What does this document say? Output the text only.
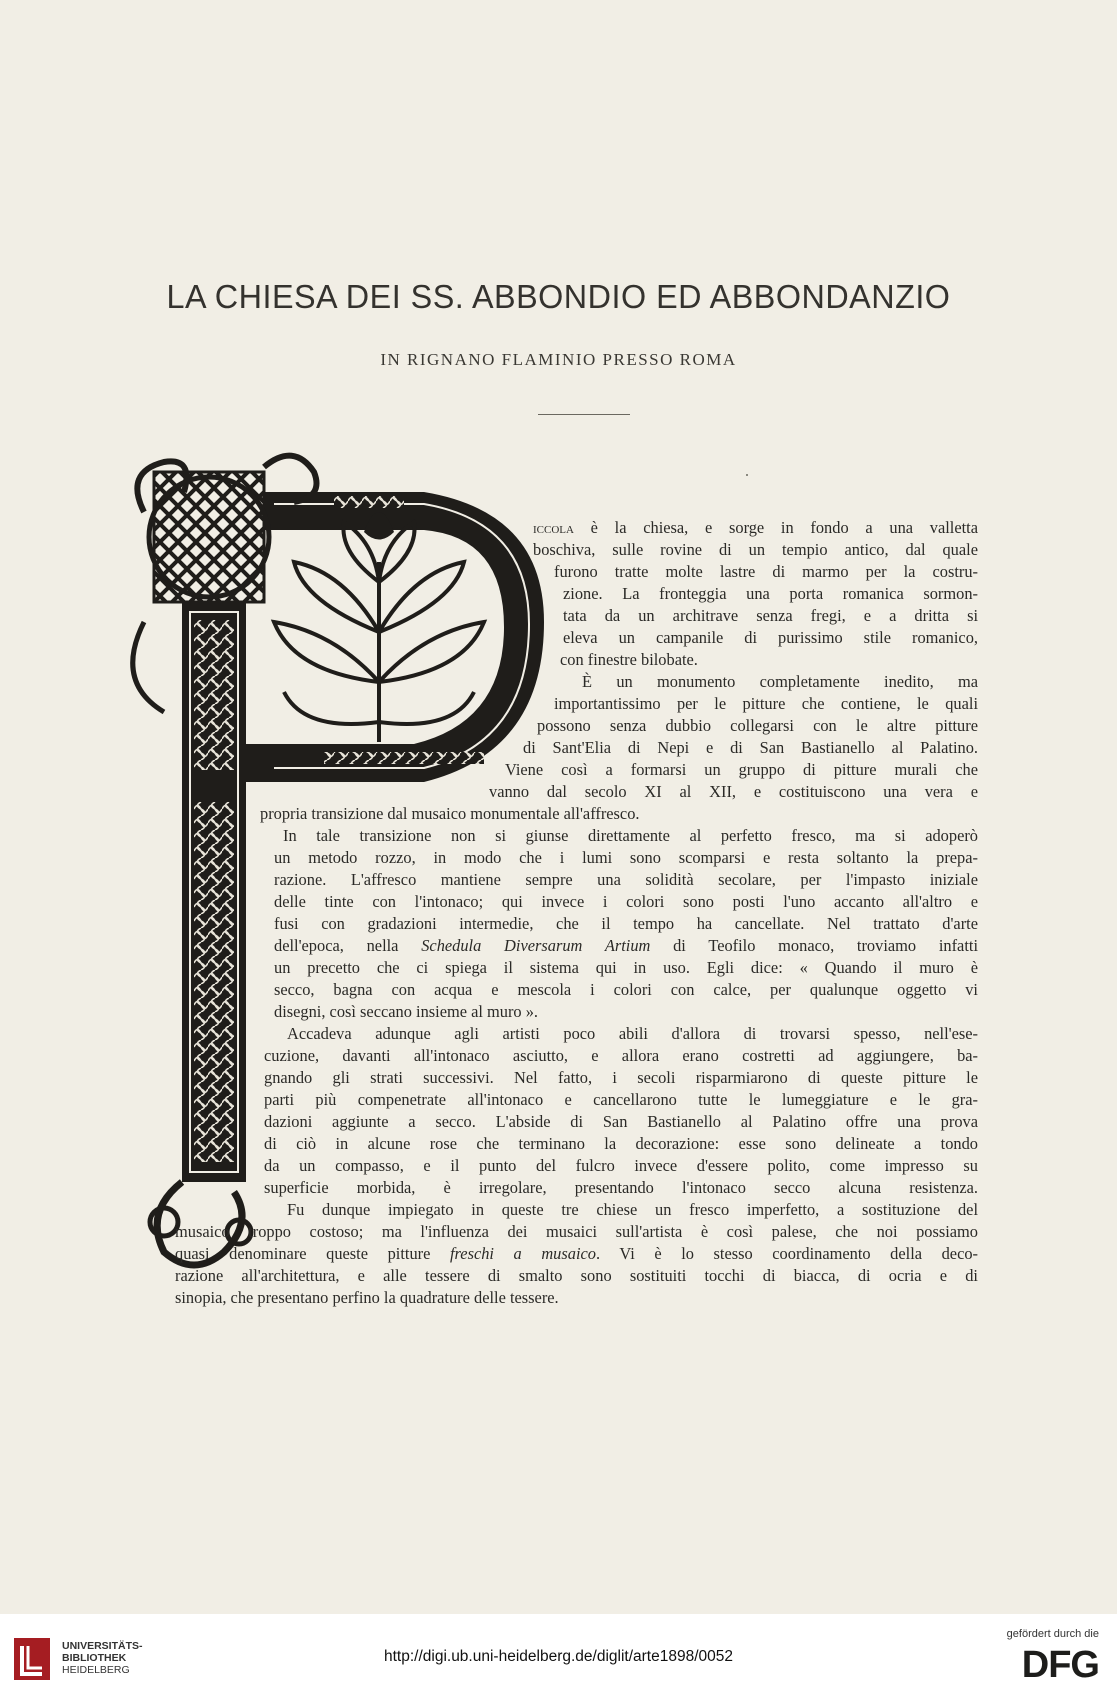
LA CHIESA DEI SS. ABBONDIO ED ABBONDANZIO
IN RIGNANO FLAMINIO PRESSO ROMA
iccola è la chiesa, e sorge in fondo a una valletta
boschiva, sulle rovine di un tempio antico, dal quale
furono tratte molte lastre di marmo per la costru-
zione. La fronteggia una porta romanica sormon-
tata da un architrave senza fregi, e a dritta si
eleva un campanile di purissimo stile romanico,
con finestre bilobate.
È un monumento completamente inedito, ma
importantissimo per le pitture che contiene, le quali
possono senza dubbio collegarsi con le altre pitture
di Sant'Elia di Nepi e di San Bastianello al Palatino.
Viene così a formarsi un gruppo di pitture murali che
vanno dal secolo XI al XII, e costituiscono una vera e
propria transizione dal musaico monumentale all'affresco.
In tale transizione non si giunse direttamente al perfetto fresco, ma si adoperò
un metodo rozzo, in modo che i lumi sono scomparsi e resta soltanto la prepa-
razione. L'affresco mantiene sempre una solidità secolare, per l'impasto iniziale
delle tinte con l'intonaco; qui invece i colori sono posti l'uno accanto all'altro e
fusi con gradazioni intermedie, che il tempo ha cancellate. Nel trattato d'arte
dell'epoca, nella Schedula Diversarum Artium di Teofilo monaco, troviamo infatti
un precetto che ci spiega il sistema qui in uso. Egli dice: « Quando il muro è
secco, bagna con acqua e mescola i colori con calce, per qualunque oggetto vi
disegni, così seccano insieme al muro ».
Accadeva adunque agli artisti poco abili d'allora di trovarsi spesso, nell'ese-
cuzione, davanti all'intonaco asciutto, e allora erano costretti ad aggiungere, ba-
gnando gli strati successivi. Nel fatto, i secoli risparmiarono di queste pitture le
parti più compenetrate all'intonaco e cancellarono tutte le lumeggiature e le gra-
dazioni aggiunte a secco. L'abside di San Bastianello al Palatino offre una prova
di ciò in alcune rose che terminano la decorazione: esse sono delineate a tondo
da un compasso, e il punto del fulcro invece d'essere polito, come impresso su
superficie morbida, è irregolare, presentando l'intonaco secco alcuna resistenza.
Fu dunque impiegato in queste tre chiese un fresco imperfetto, a sostituzione del
musaico troppo costoso; ma l'influenza dei musaici sull'artista è così palese, che noi possiamo
quasi denominare queste pitture freschi a musaico. Vi è lo stesso coordinamento della deco-
razione all'architettura, e alle tessere di smalto sono sostituiti tocchi di biacca, di ocria e di
sinopia, che presentano perfino la quadrature delle tessere.
UNIVERSITÄTS-
BIBLIOTHEK
HEIDELBERG
http://digi.ub.uni-heidelberg.de/diglit/arte1898/0052
gefördert durch die
DFG
